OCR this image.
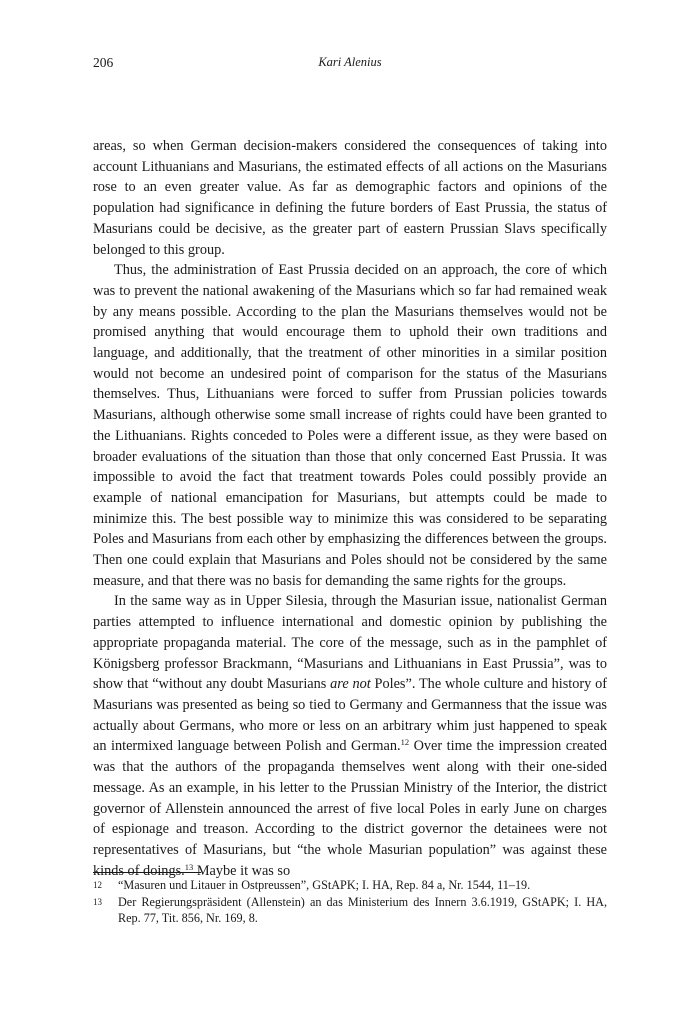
206	Kari Alenius

areas, so when German decision-makers considered the consequences of taking into account Lithuanians and Masurians, the estimated effects of all actions on the Masurians rose to an even greater value. As far as demographic factors and opinions of the population had significance in defining the future borders of East Prussia, the status of Masurians could be decisive, as the greater part of eastern Prussian Slavs specifically belonged to this group.

Thus, the administration of East Prussia decided on an approach, the core of which was to prevent the national awakening of the Masurians which so far had remained weak by any means possible. According to the plan the Masurians themselves would not be promised anything that would encourage them to uphold their own traditions and language, and additionally, that the treatment of other minorities in a similar position would not become an undesired point of comparison for the status of the Masurians themselves. Thus, Lithuanians were forced to suffer from Prussian policies towards Masurians, although otherwise some small increase of rights could have been granted to the Lithuanians. Rights conceded to Poles were a different issue, as they were based on broader evaluations of the situation than those that only concerned East Prussia. It was impossible to avoid the fact that treatment towards Poles could possibly provide an example of national emancipation for Masurians, but attempts could be made to minimize this. The best possible way to minimize this was considered to be separating Poles and Masurians from each other by emphasizing the differences between the groups. Then one could explain that Masurians and Poles should not be considered by the same measure, and that there was no basis for demanding the same rights for the groups.

In the same way as in Upper Silesia, through the Masurian issue, nationalist German parties attempted to influence international and domestic opinion by publishing the appropriate propaganda material. The core of the message, such as in the pamphlet of Königsberg professor Brackmann, “Masurians and Lithuanians in East Prussia”, was to show that “without any doubt Masurians are not Poles”. The whole culture and history of Masurians was presented as being so tied to Germany and Germanness that the issue was actually about Germans, who more or less on an arbitrary whim just happened to speak an intermixed language between Polish and German.$^{12}$ Over time the impression created was that the authors of the propaganda themselves went along with their one-sided message. As an example, in his letter to the Prussian Ministry of the Interior, the district governor of Allenstein announced the arrest of five local Poles in early June on charges of espionage and treason. According to the district governor the detainees were not representatives of Masurians, but “the whole Masurian population” was against these kinds of doings.$^{13}$ Maybe it was so

12 “Masuren und Litauer in Ostpreussen”, GStAPK; I. HA, Rep. 84 a, Nr. 1544, 11–19.
13 Der Regierungspräsident (Allenstein) an das Ministerium des Innern 3.6.1919, GStAPK; I. HA, Rep. 77, Tit. 856, Nr. 169, 8.
